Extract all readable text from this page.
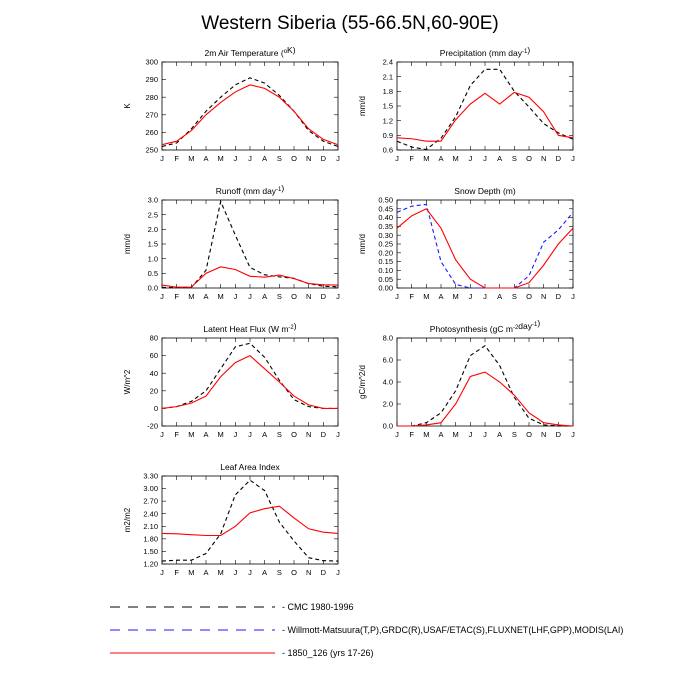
Western Siberia (55-66.5N,60-90E)
2m Air Temperature ($^o$K)
250
260
270
280
290
300
J F M A M J J A S O N D J
K
Precipitation (mm day$^{-1}$)
0.6
0.9
1.2
1.5
1.8
2.1
2.4
J F M A M J J A S O N D J
mm/d
Runoff (mm day$^{-1}$)
0.0
0.5
1.0
1.5
2.0
2.5
3.0
J F M A M J J A S O N D J
mm/d
Snow Depth (m)
0.00
0.05
0.10
0.15
0.20
0.25
0.30
0.35
0.40
0.45
0.50
J F M A M J J A S O N D J
mm/d
Latent Heat Flux (W $m^{-2}$)
-20
0
20
40
60
80
J F M A M J J A S O N D J
W/m^2
Photosynthesis (gC $m^{-2}day^{-1}$)
0.0
2.0
4.0
6.0
8.0
J F M A M J J A S O N D J
gC/m^2/d
Leaf Area Index
1.20
1.50
1.80
2.10
2.40
2.70
3.00
3.30
J F M A M J J A S O N D J
m2/m2
- CMC 1980-1996
- Willmott-Matsuura(T,P),GRDC(R),USAF/ETAC(S),FLUXNET(LHF,GPP),MODIS(LAI)
- 1850_126 (yrs 17-26)
